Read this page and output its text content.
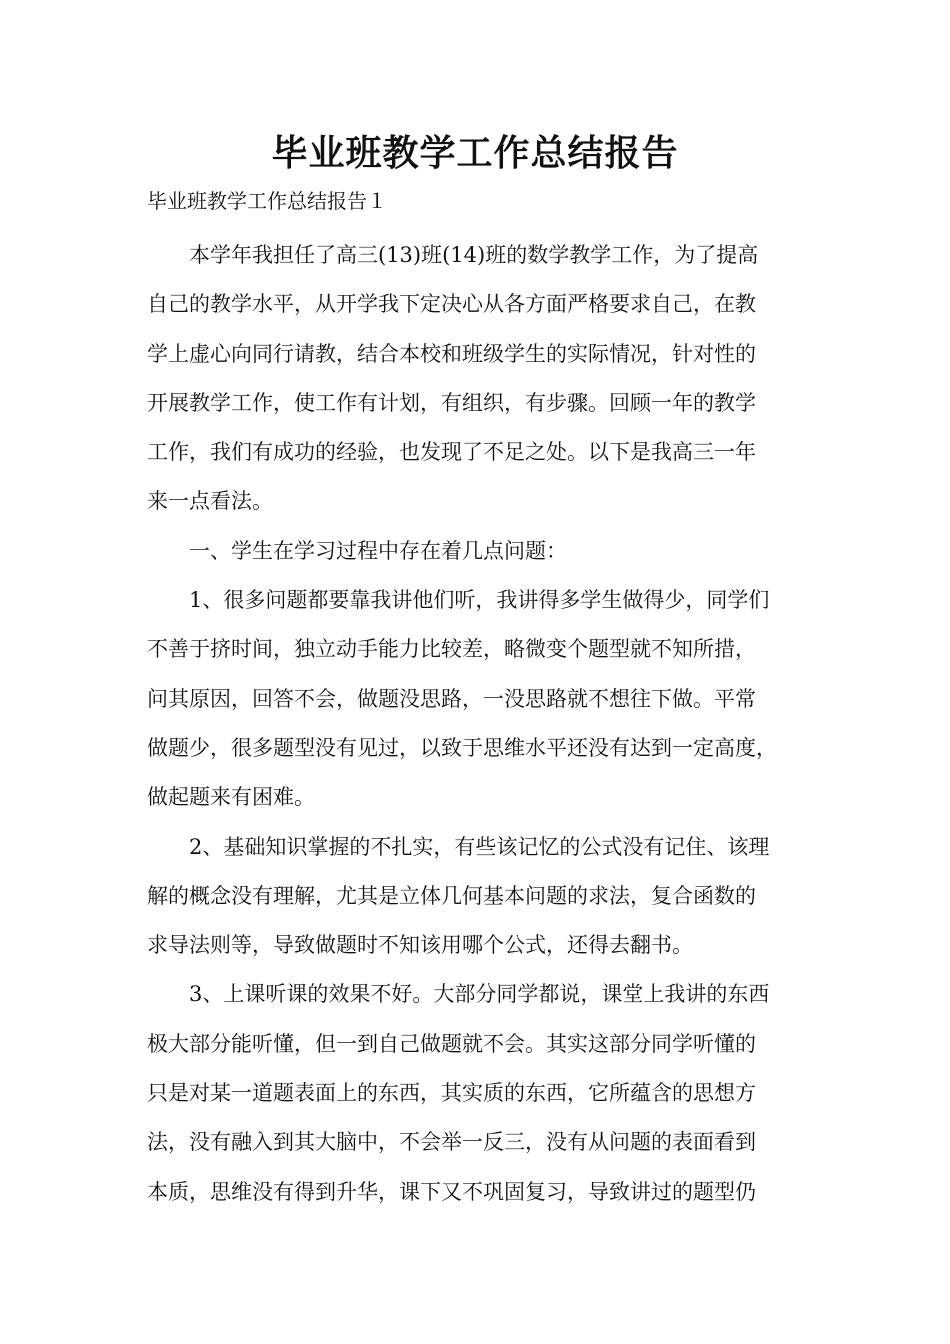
毕业班教学工作总结报告
毕业班教学工作总结报告１
本学年我担任了高三(13)班(14)班的数学教学工作，为了提高
自己的教学水平，从开学我下定决心从各方面严格要求自己，在教
学上虚心向同行请教，结合本校和班级学生的实际情况，针对性的
开展教学工作，使工作有计划，有组织，有步骤。回顾一年的教学
工作，我们有成功的经验，也发现了不足之处。以下是我高三一年
来一点看法。
一、学生在学习过程中存在着几点问题：
1、很多问题都要靠我讲他们听，我讲得多学生做得少，同学们
不善于挤时间，独立动手能力比较差，略微变个题型就不知所措，
问其原因，回答不会，做题没思路，一没思路就不想往下做。平常
做题少，很多题型没有见过，以致于思维水平还没有达到一定高度，
做起题来有困难。
2、基础知识掌握的不扎实，有些该记忆的公式没有记住、该理
解的概念没有理解，尤其是立体几何基本问题的求法，复合函数的
求导法则等，导致做题时不知该用哪个公式，还得去翻书。
3、上课听课的效果不好。大部分同学都说，课堂上我讲的东西
极大部分能听懂，但一到自己做题就不会。其实这部分同学听懂的
只是对某一道题表面上的东西，其实质的东西，它所蕴含的思想方
法，没有融入到其大脑中，不会举一反三，没有从问题的表面看到
本质，思维没有得到升华，课下又不巩固复习，导致讲过的题型仍
